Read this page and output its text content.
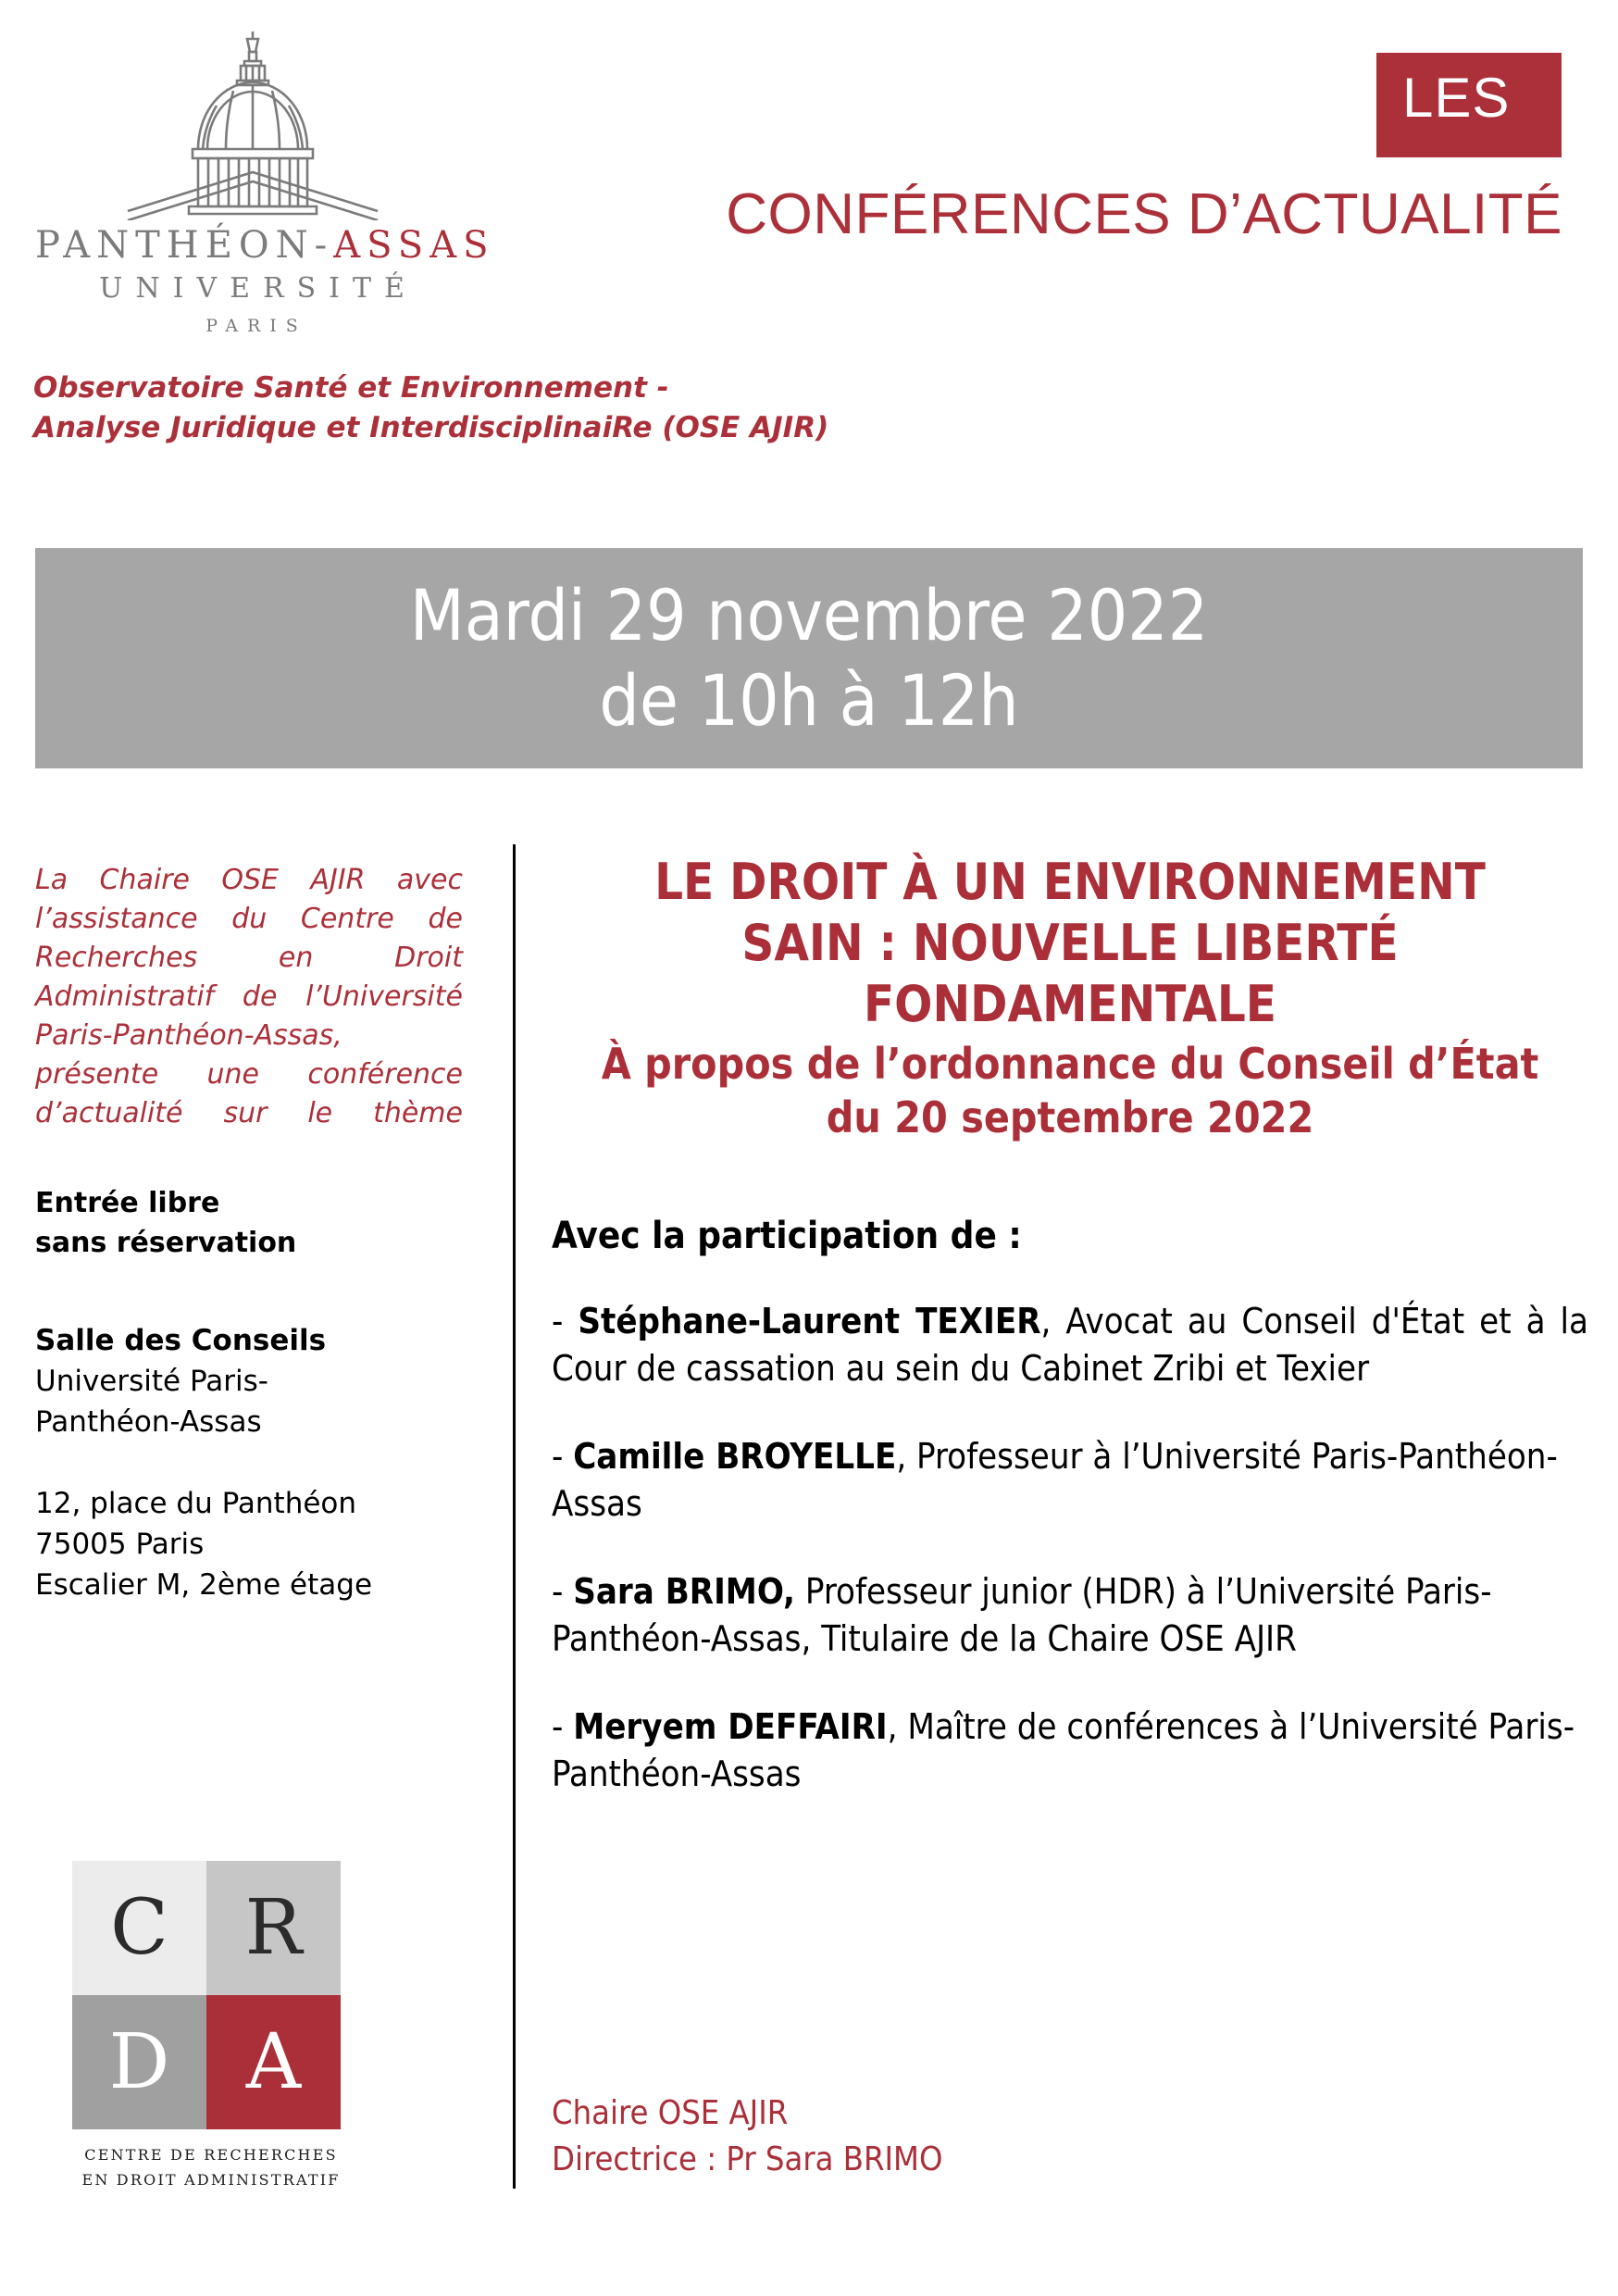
PANTHÉON-ASSAS
UNIVERSITÉ
PARIS
Observatoire Santé et Environnement -
Analyse Juridique et InterdisciplinaiRe (OSE AJIR)
LES
CONFÉRENCES D’ACTUALITÉ
Mardi 29 novembre 2022
de 10h à 12h
La Chaire OSE AJIR avec l’assistance du Centre de Recherches en Droit Administratif de l’Université Paris-Panthéon-Assas, présente une conférence d’actualité sur le thème
Entrée libre
sans réservation
Salle des Conseils
Université Paris-
Panthéon-Assas
12, place du Panthéon
75005 Paris
Escalier M, 2ème étage
C	R
D	A
CENTRE DE RECHERCHES
EN DROIT ADMINISTRATIF
LE DROIT À UN ENVIRONNEMENT
SAIN : NOUVELLE LIBERTÉ
FONDAMENTALE
À propos de l’ordonnance du Conseil d’État
du 20 septembre 2022
Avec la participation de :
- Stéphane-Laurent TEXIER, Avocat au Conseil d'État et à la Cour de cassation au sein du Cabinet Zribi et Texier
- Camille BROYELLE, Professeur à l’Université Paris-Panthéon-Assas
- Sara BRIMO, Professeur junior (HDR) à l’Université Paris-Panthéon-Assas, Titulaire de la Chaire OSE AJIR
- Meryem DEFFAIRI, Maître de conférences à l’Université Paris-Panthéon-Assas
Chaire OSE AJIR
Directrice : Pr Sara BRIMO
